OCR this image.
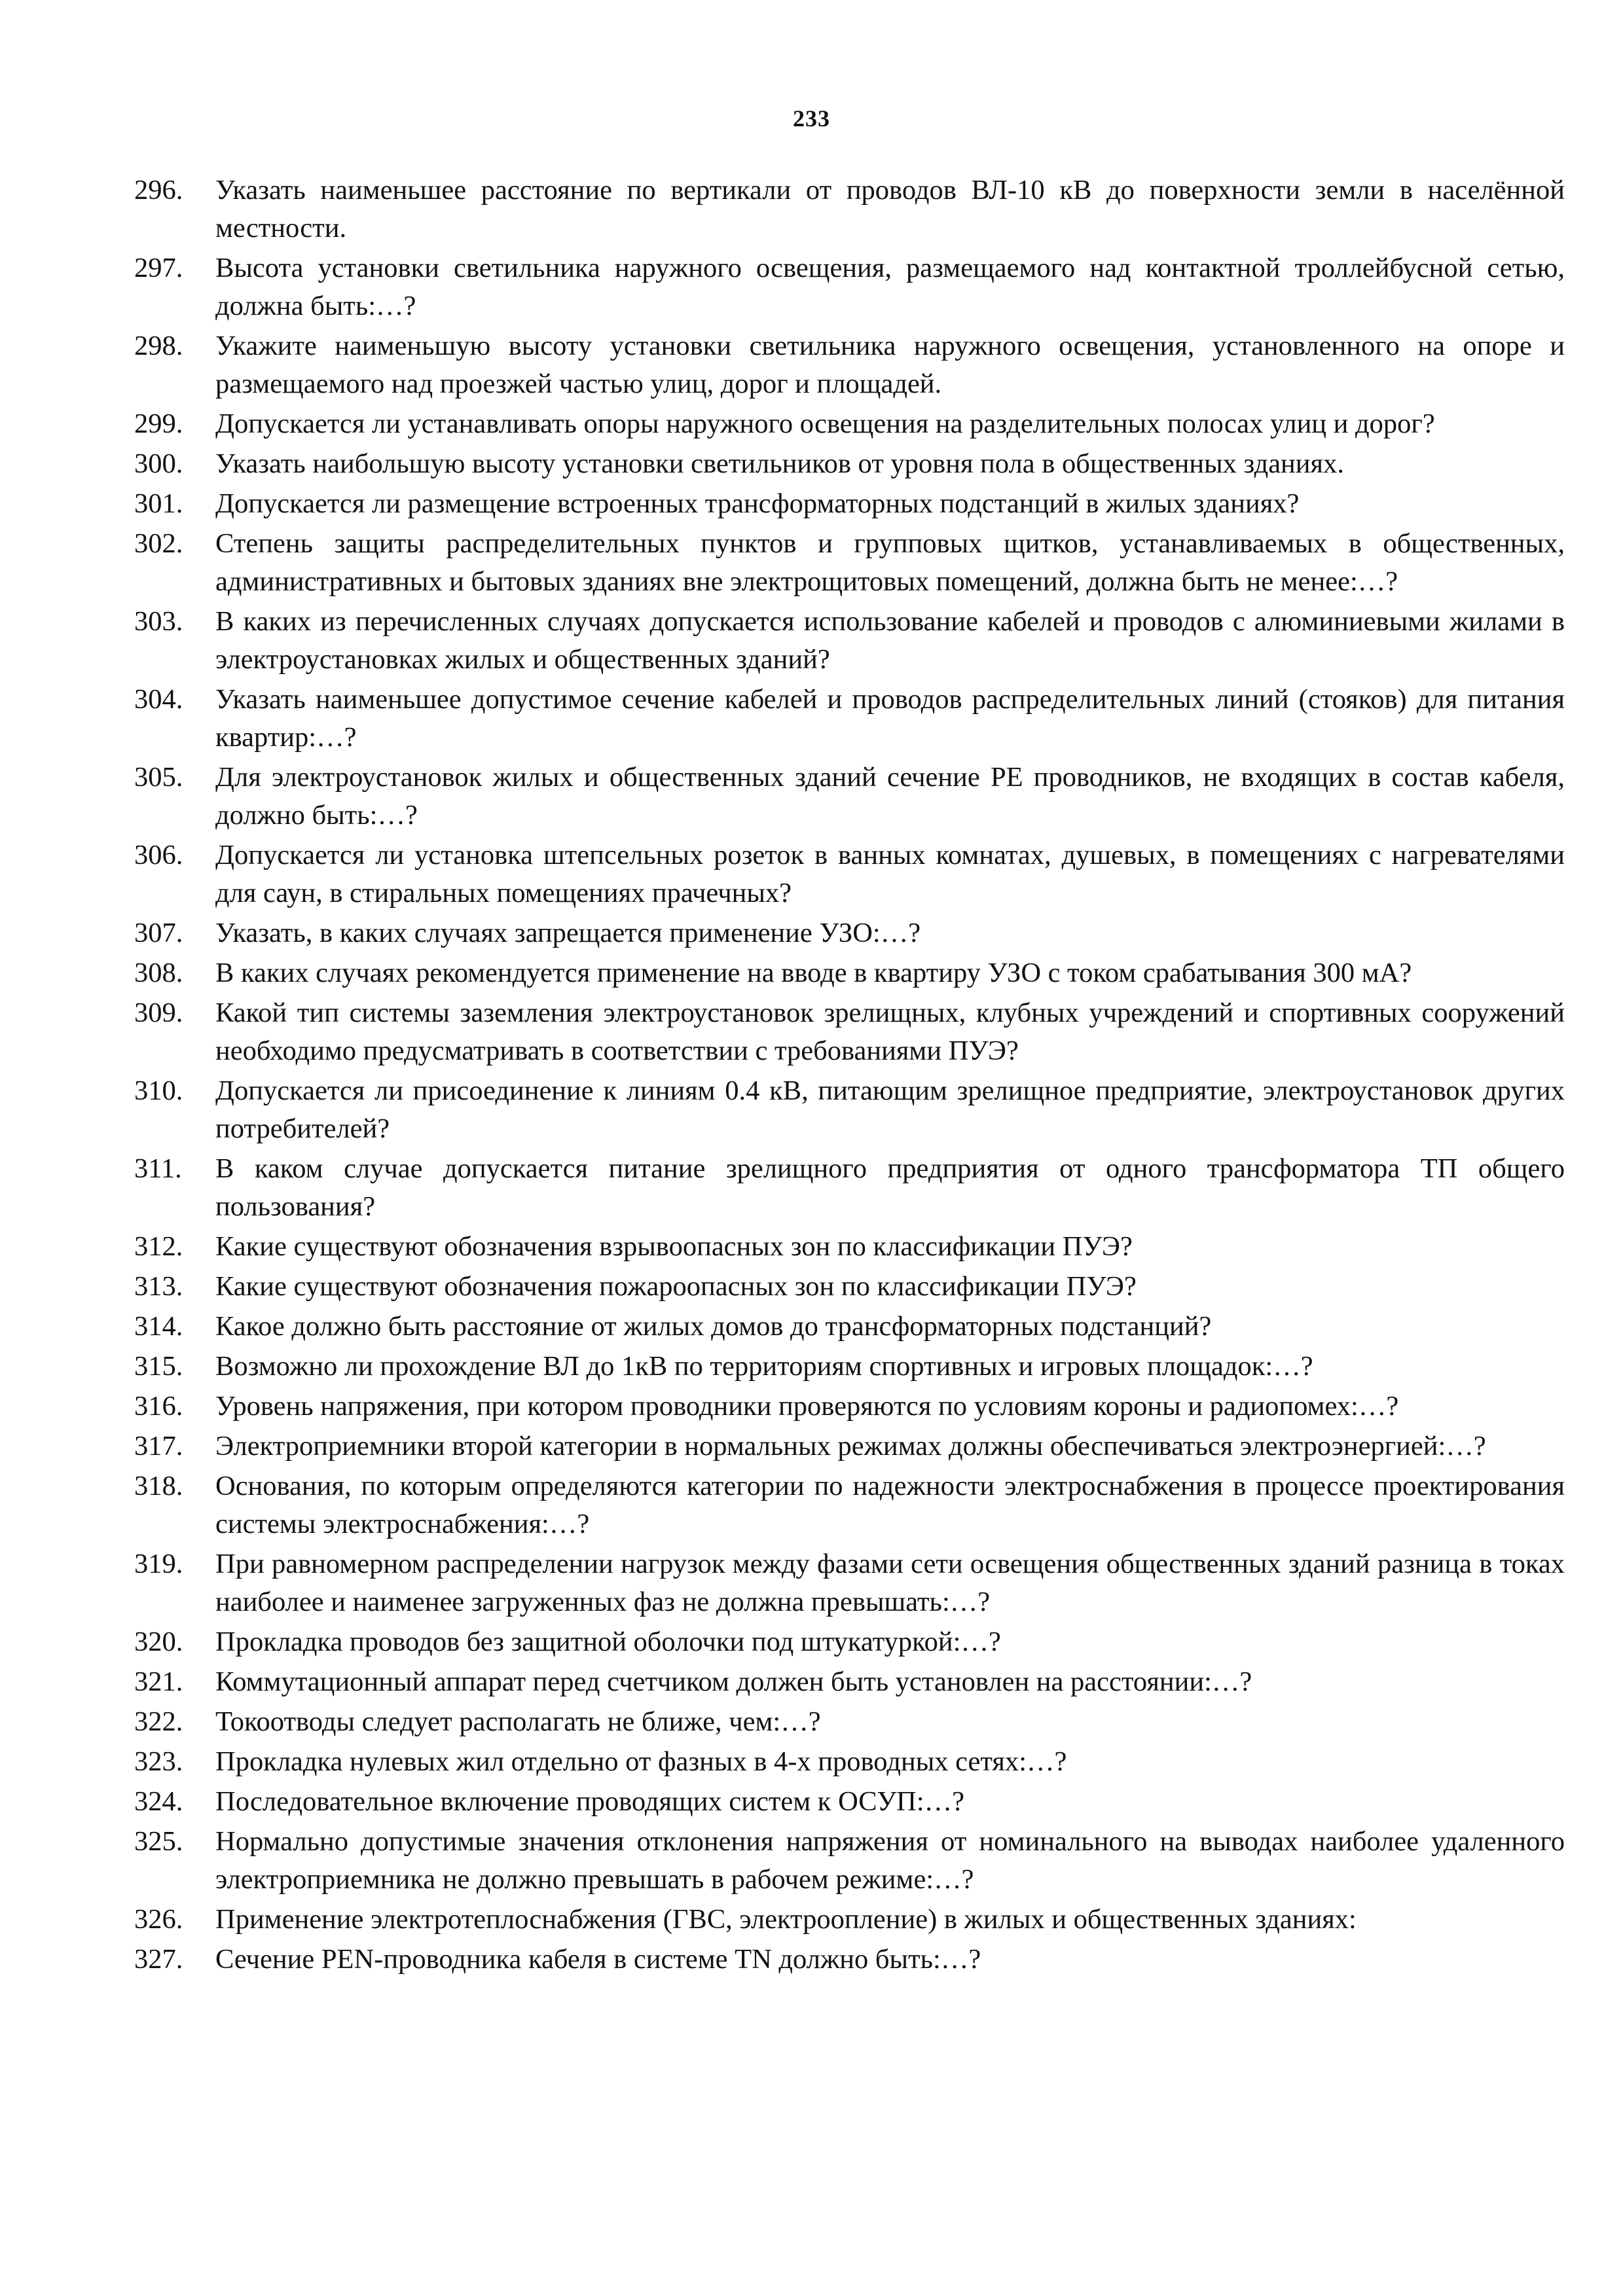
233
296.	Указать наименьшее расстояние по вертикали от проводов ВЛ-10 кВ до поверхности земли в населённой местности.
297.	Высота установки светильника наружного освещения, размещаемого над контактной троллейбусной сетью, должна быть:…?
298.	Укажите наименьшую высоту установки светильника наружного освещения, установленного на опоре и размещаемого над проезжей частью улиц, дорог и площадей.
299.	Допускается ли устанавливать опоры наружного освещения на разделительных полосах улиц и дорог?
300.	Указать наибольшую высоту установки светильников от уровня пола в общественных зданиях.
301.	Допускается ли размещение встроенных трансформаторных подстанций в жилых зданиях?
302.	Степень защиты распределительных пунктов и групповых щитков, устанавливаемых в общественных, административных и бытовых зданиях вне электрощитовых помещений, должна быть не менее:…?
303.	В каких из перечисленных случаях допускается использование кабелей и проводов с алюминиевыми жилами в электроустановках жилых и общественных зданий?
304.	Указать наименьшее допустимое сечение кабелей и проводов распределительных линий (стояков) для питания квартир:…?
305.	Для электроустановок жилых и общественных зданий сечение РЕ проводников, не входящих в состав кабеля, должно быть:…?
306.	Допускается ли установка штепсельных розеток в ванных комнатах, душевых, в помещениях с нагревателями для саун, в стиральных помещениях прачечных?
307.	Указать, в каких случаях запрещается применение УЗО:…?
308.	В каких случаях рекомендуется применение на вводе в квартиру УЗО с током срабатывания 300 мА?
309.	Какой тип системы заземления электроустановок зрелищных, клубных учреждений и спортивных сооружений необходимо предусматривать в соответствии с требованиями ПУЭ?
310.	Допускается ли присоединение к линиям 0.4 кВ, питающим зрелищное предприятие, электроустановок других потребителей?
311.	В каком случае допускается питание зрелищного предприятия от одного трансформатора ТП общего пользования?
312.	Какие существуют обозначения взрывоопасных зон по классификации ПУЭ?
313.	Какие существуют обозначения пожароопасных зон по классификации ПУЭ?
314.	Какое должно быть расстояние от жилых домов до трансформаторных подстанций?
315.	Возможно ли прохождение ВЛ до 1кВ по территориям спортивных и игровых площадок:…?
316.	Уровень напряжения, при котором проводники проверяются по условиям короны и радиопомех:…?
317.	Электроприемники второй категории в нормальных режимах должны обеспечиваться электроэнергией:…?
318.	Основания, по которым определяются категории по надежности электроснабжения в процессе проектирования системы электроснабжения:…?
319.	При равномерном распределении нагрузок между фазами сети освещения общественных зданий разница в токах наиболее и наименее загруженных фаз не должна превышать:…?
320.	Прокладка проводов без защитной оболочки под штукатуркой:…?
321.	Коммутационный аппарат перед счетчиком должен быть установлен на расстоянии:…?
322.	Токоотводы следует располагать не ближе, чем:…?
323.	Прокладка нулевых жил отдельно от фазных в 4-х проводных сетях:…?
324.	Последовательное включение проводящих систем к ОСУП:…?
325.	Нормально допустимые значения отклонения напряжения от номинального на выводах наиболее удаленного электроприемника не должно превышать в рабочем режиме:…?
326.	Применение электротеплоснабжения (ГВС, электроопление) в жилых и общественных зданиях:
327.	Сечение PEN-проводника кабеля в системе TN должно быть:…?
